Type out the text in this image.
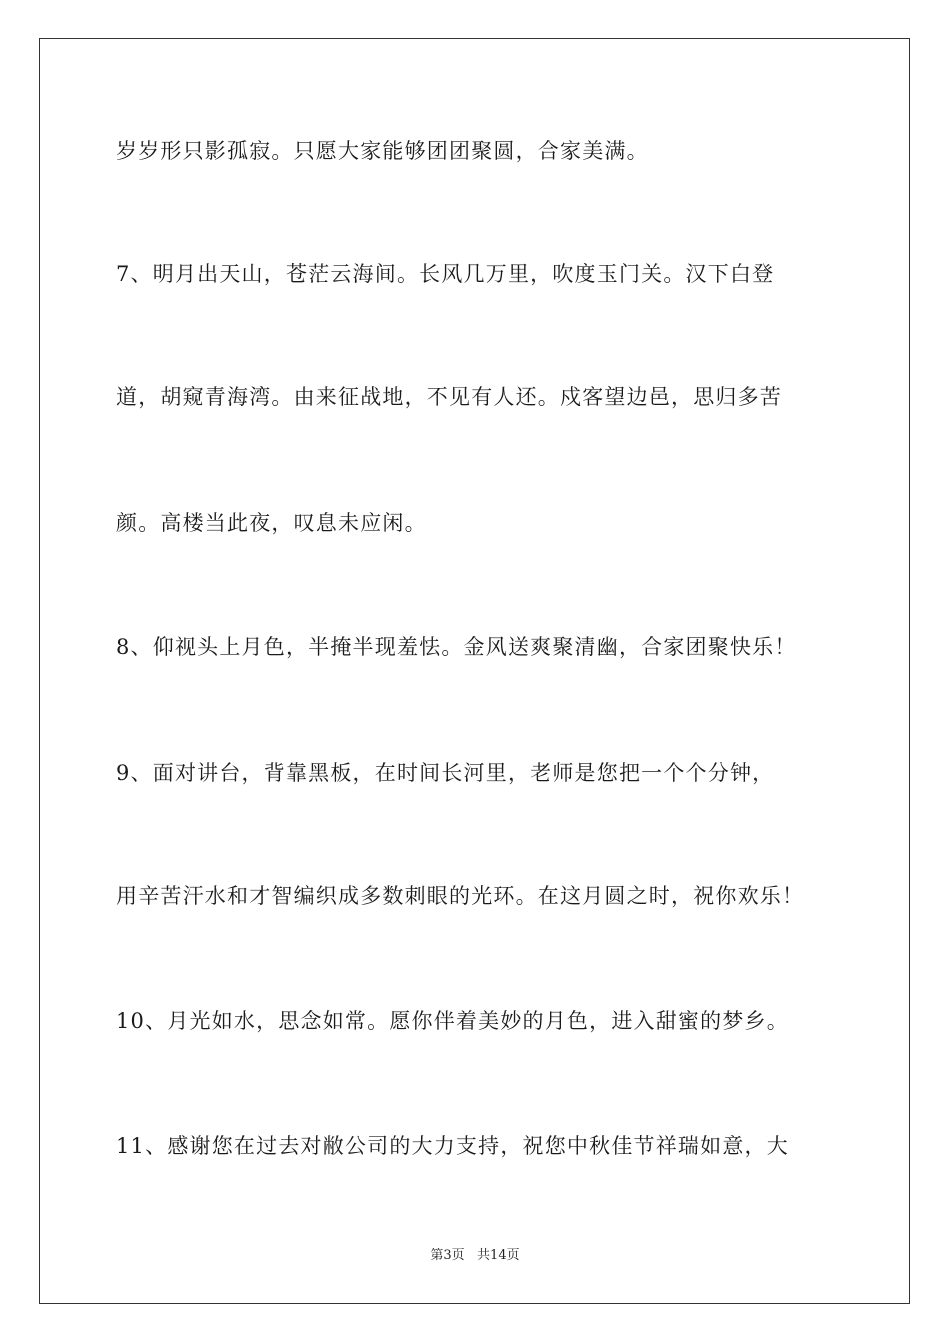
岁岁形只影孤寂。只愿大家能够团团聚圆，合家美满。
7、明月出天山，苍茫云海间。长风几万里，吹度玉门关。汉下白登
道，胡窥青海湾。由来征战地，不见有人还。戍客望边邑，思归多苦
颜。高楼当此夜，叹息未应闲。
8、仰视头上月色，半掩半现羞怯。金风送爽聚清幽，合家团聚快乐！
9、面对讲台，背靠黑板，在时间长河里，老师是您把一个个分钟，
用辛苦汗水和才智编织成多数刺眼的光环。在这月圆之时，祝你欢乐！
10、月光如水，思念如常。愿你伴着美妙的月色，进入甜蜜的梦乡。
11、感谢您在过去对敝公司的大力支持，祝您中秋佳节祥瑞如意，大
第3页   共14页
